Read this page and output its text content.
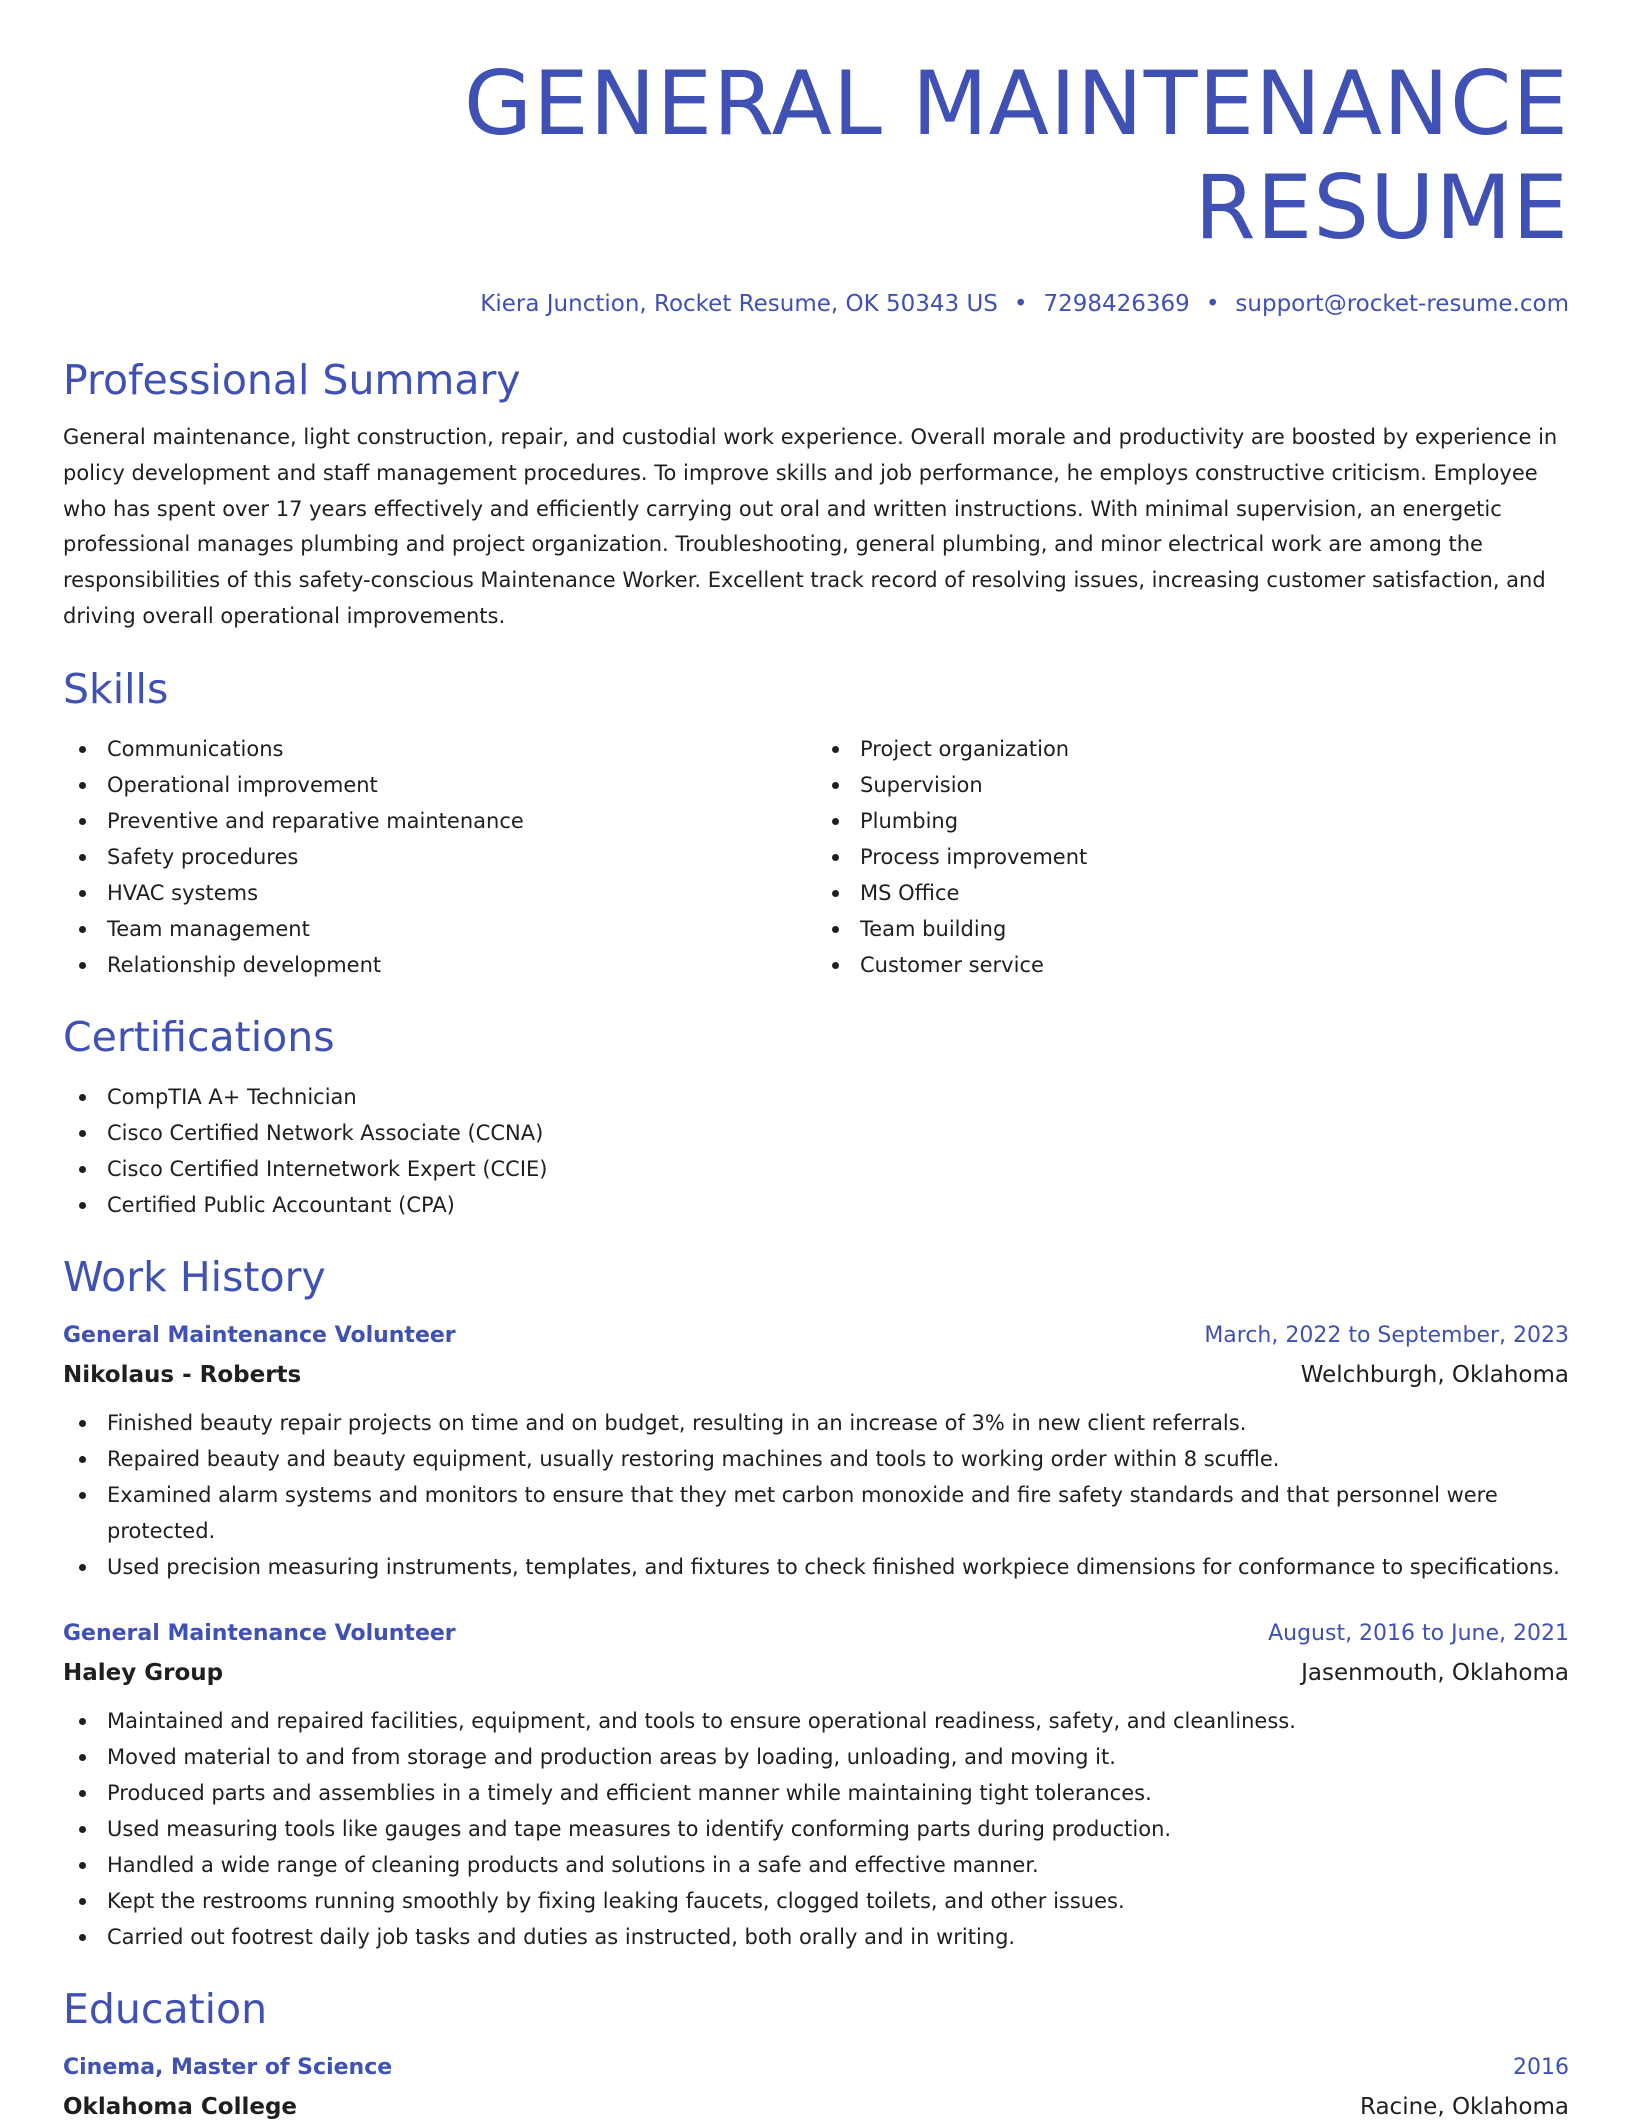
GENERAL MAINTENANCE RESUME
Kiera Junction, Rocket Resume, OK 50343 US • 7298426369 • support@rocket-resume.com
Professional Summary

General maintenance, light construction, repair, and custodial work experience. Overall morale and productivity are boosted by experience in policy development and staff management procedures. To improve skills and job performance, he employs constructive criticism. Employee who has spent over 17 years effectively and efficiently carrying out oral and written instructions. With minimal supervision, an energetic professional manages plumbing and project organization. Troubleshooting, general plumbing, and minor electrical work are among the responsibilities of this safety-conscious Maintenance Worker. Excellent track record of resolving issues, increasing customer satisfaction, and driving overall operational improvements.

Skills
Communications
Operational improvement
Preventive and reparative maintenance
Safety procedures
HVAC systems
Team management
Relationship development
Project organization
Supervision
Plumbing
Process improvement
MS Office
Team building
Customer service
Certifications
CompTIA A+ Technician
Cisco Certified Network Associate (CCNA)
Cisco Certified Internetwork Expert (CCIE)
Certified Public Accountant (CPA)
Work History
General Maintenance Volunteer	March, 2022 to September, 2023
Nikolaus - Roberts	Welchburgh, Oklahoma
Finished beauty repair projects on time and on budget, resulting in an increase of 3% in new client referrals.
Repaired beauty and beauty equipment, usually restoring machines and tools to working order within 8 scuffle.
Examined alarm systems and monitors to ensure that they met carbon monoxide and fire safety standards and that personnel were protected.
Used precision measuring instruments, templates, and fixtures to check finished workpiece dimensions for conformance to specifications.
General Maintenance Volunteer	August, 2016 to June, 2021
Haley Group	Jasenmouth, Oklahoma
Maintained and repaired facilities, equipment, and tools to ensure operational readiness, safety, and cleanliness.
Moved material to and from storage and production areas by loading, unloading, and moving it.
Produced parts and assemblies in a timely and efficient manner while maintaining tight tolerances.
Used measuring tools like gauges and tape measures to identify conforming parts during production.
Handled a wide range of cleaning products and solutions in a safe and effective manner.
Kept the restrooms running smoothly by fixing leaking faucets, clogged toilets, and other issues.
Carried out footrest daily job tasks and duties as instructed, both orally and in writing.
Education
Cinema, Master of Science	2016
Oklahoma College	Racine, Oklahoma
